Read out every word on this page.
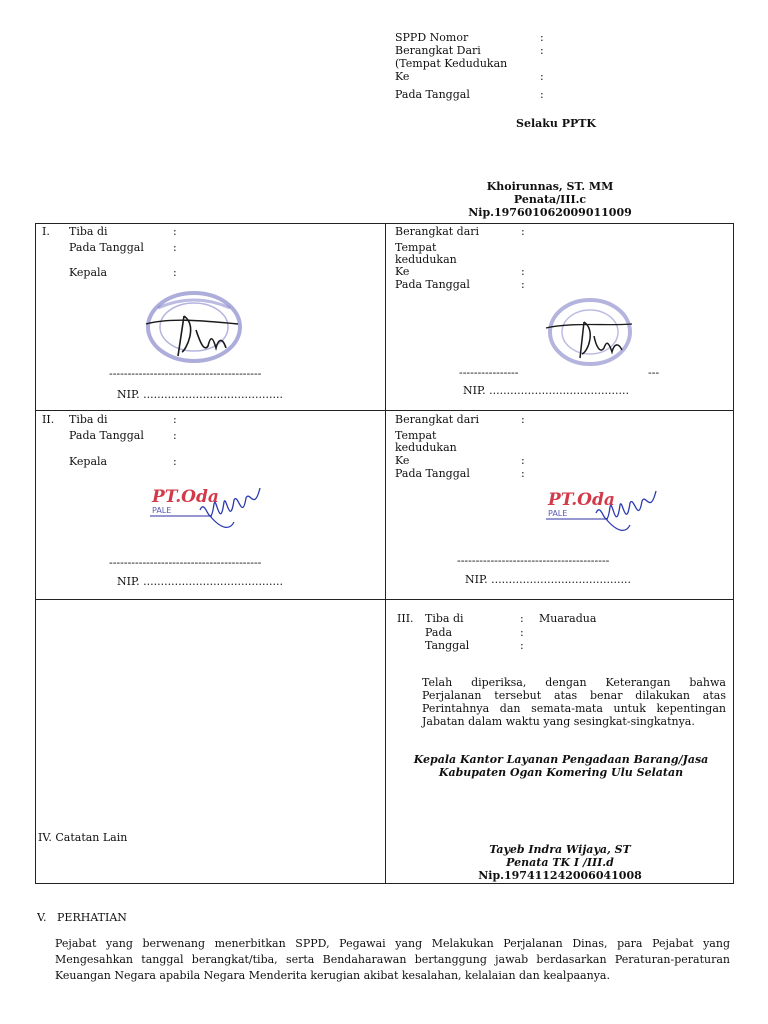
SPPD Nomor	:
Berangkat Dari	:
(Tempat Kedudukan
Ke	:
Pada Tanggal	:
Selaku PPTK
Khoirunnas, ST. MM
Penata/III.c
Nip.197601062009011009
I. Tiba di	:
Pada Tanggal	:
Kepala	:
-----------------------------------------
NIP. ........................................
Berangkat dari	:
Tempat
kedudukan
Ke	:
Pada Tanggal	:
----------------	---
NIP. ........................................
II. Tiba di	:
Pada Tanggal	:
Kepala	:
PT.Oda
PALE
-----------------------------------------
NIP. ........................................
Berangkat dari	:
Tempat
kedudukan
Ke	:
Pada Tanggal	:
PT.Oda
PALE
-----------------------------------------
NIP. ........................................
IV. Catatan Lain
III. Tiba di	: Muaradua
Pada	:
Tanggal	:
Telah diperiksa, dengan Keterangan bahwa Perjalanan tersebut atas benar dilakukan atas Perintahnya dan semata-mata untuk kepentingan Jabatan dalam waktu yang sesingkat-singkatnya.
Kepala Kantor Layanan Pengadaan Barang/Jasa
Kabupaten Ogan Komering Ulu Selatan
Tayeb Indra Wijaya, ST
Penata TK I /III.d
Nip.197411242006041008
V.   PERHATIAN
Pejabat yang berwenang menerbitkan SPPD, Pegawai yang Melakukan Perjalanan Dinas, para Pejabat yang Mengesahkan tanggal berangkat/tiba, serta Bendaharawan bertanggung jawab berdasarkan Peraturan-peraturan Keuangan Negara apabila Negara Menderita kerugian akibat kesalahan, kelalaian dan kealpaanya.
